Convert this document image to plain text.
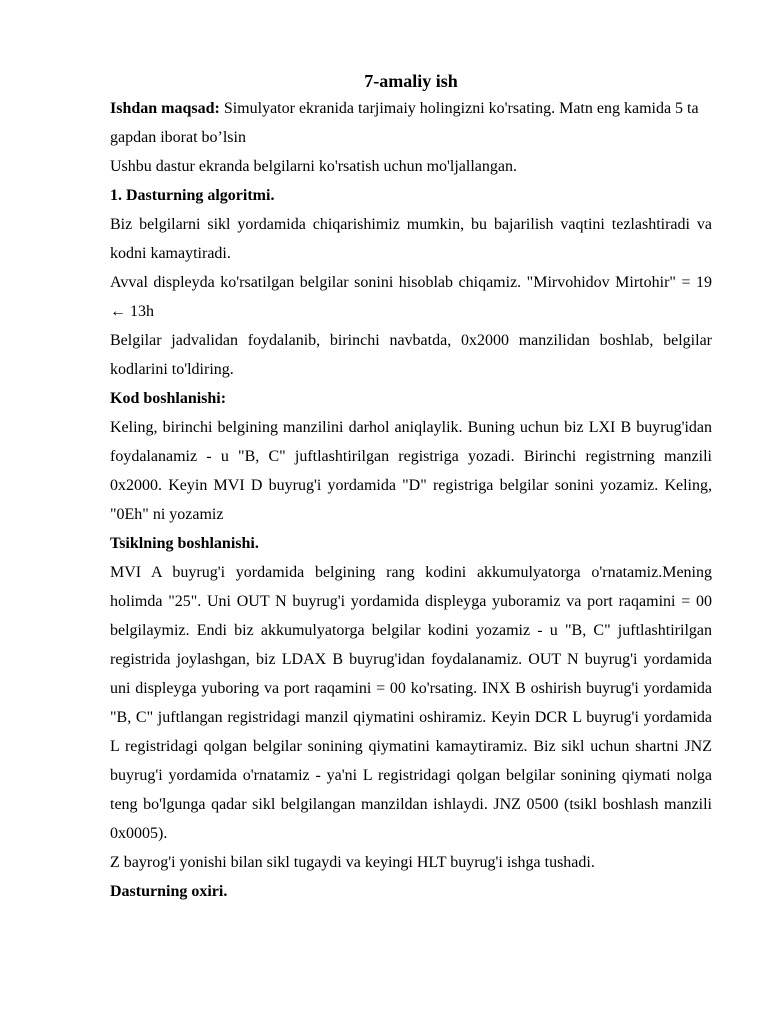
7-amaliy ish

Ishdan maqsad: Simulyator ekranida tarjimaiy holingizni ko'rsating. Matn eng kamida 5 ta gapdan iborat bo’lsin

Ushbu dastur ekranda belgilarni ko'rsatish uchun mo'ljallangan.

1. Dasturning algoritmi.

Biz belgilarni sikl yordamida chiqarishimiz mumkin, bu bajarilish vaqtini tezlashtiradi va kodni kamaytiradi.

Avval displeyda ko'rsatilgan belgilar sonini hisoblab chiqamiz. "Mirvohidov Mirtohir" = 19 ← 13h

Belgilar jadvalidan foydalanib, birinchi navbatda, 0x2000 manzilidan boshlab, belgilar kodlarini to'ldiring.

Kod boshlanishi:

Keling, birinchi belgining manzilini darhol aniqlaylik. Buning uchun biz LXI B buyrug'idan foydalanamiz - u "B, C" juftlashtirilgan registriga yozadi. Birinchi registrning manzili 0x2000. Keyin MVI D buyrug'i yordamida "D" registriga belgilar sonini yozamiz. Keling, "0Eh" ni yozamiz

Tsiklning boshlanishi.

MVI A buyrug'i yordamida belgining rang kodini akkumulyatorga o'rnatamiz.Mening holimda "25". Uni OUT N buyrug'i yordamida displeyga yuboramiz va port raqamini = 00 belgilaymiz. Endi biz akkumulyatorga belgilar kodini yozamiz - u "B, C" juftlashtirilgan registrida joylashgan, biz LDAX B buyrug'idan foydalanamiz. OUT N buyrug'i yordamida uni displeyga yuboring va port raqamini = 00 ko'rsating. INX B oshirish buyrug'i yordamida "B, C" juftlangan registridagi manzil qiymatini oshiramiz. Keyin DCR L buyrug'i yordamida L registridagi qolgan belgilar sonining qiymatini kamaytiramiz. Biz sikl uchun shartni JNZ buyrug'i yordamida o'rnatamiz - ya'ni L registridagi qolgan belgilar sonining qiymati nolga teng bo'lgunga qadar sikl belgilangan manzildan ishlaydi. JNZ 0500 (tsikl boshlash manzili 0x0005).

Z bayrog'i yonishi bilan sikl tugaydi va keyingi HLT buyrug'i ishga tushadi.

Dasturning oxiri.
